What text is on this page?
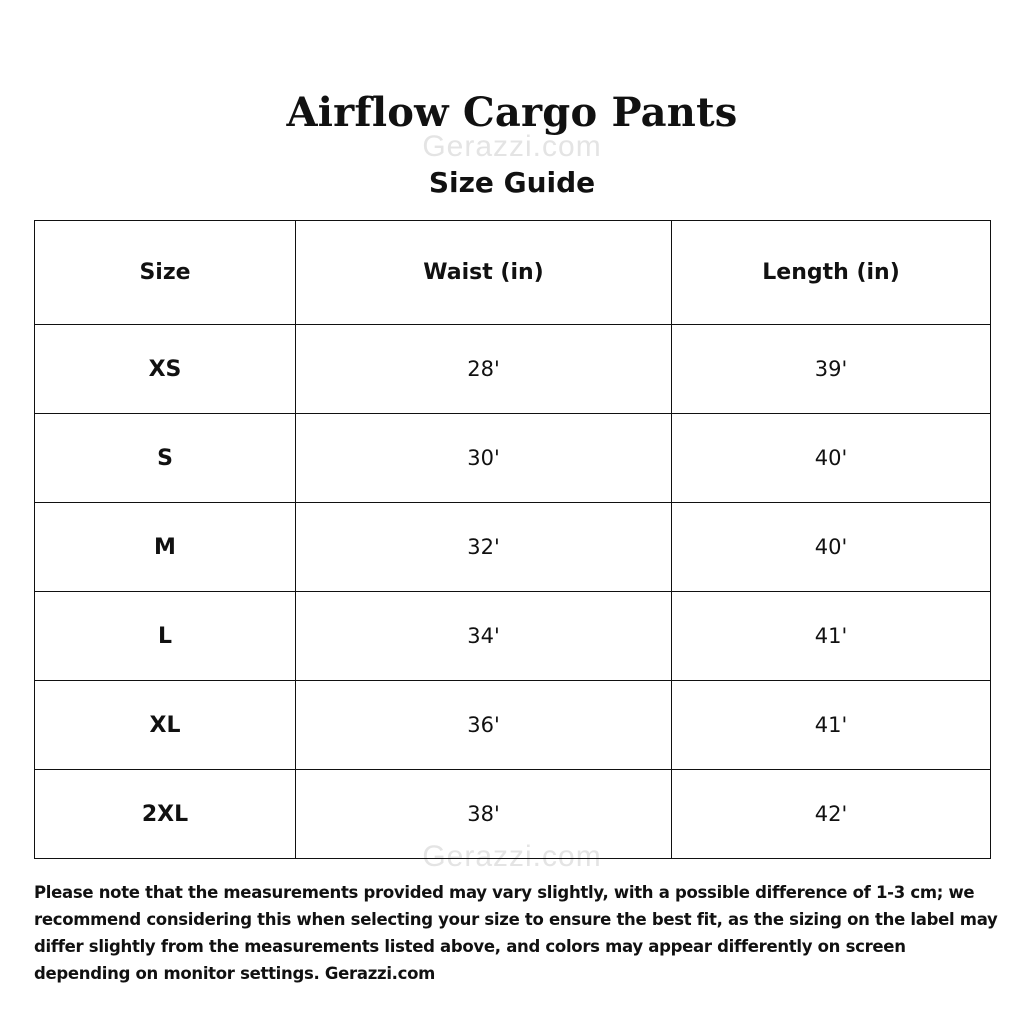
Gerazzi.com
Gerazzi.com
Airflow Cargo Pants
Size Guide
Size	Waist (in)	Length (in)
XS	28'	39'
S	30'	40'
M	32'	40'
L	34'	41'
XL	36'	41'
2XL	38'	42'

Please note that the measurements provided may vary slightly, with a possible difference of 1-3 cm; we recommend considering this when selecting your size to ensure the best fit, as the sizing on the label may differ slightly from the measurements listed above, and colors may appear differently on screen depending on monitor settings. Gerazzi.com
